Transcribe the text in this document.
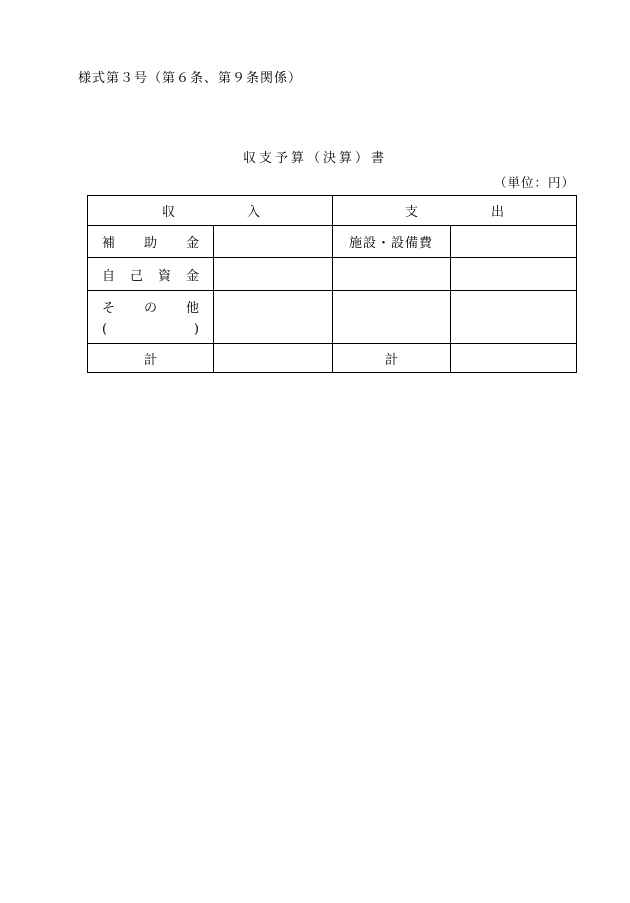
様式第３号（第６条、第９条関係）
収支予算（決算）書
（単位：円）
収 入		支 出	

補 助 金		施設・設備費	

自 己 資 金			

そ の 他
( )			

計		計	
